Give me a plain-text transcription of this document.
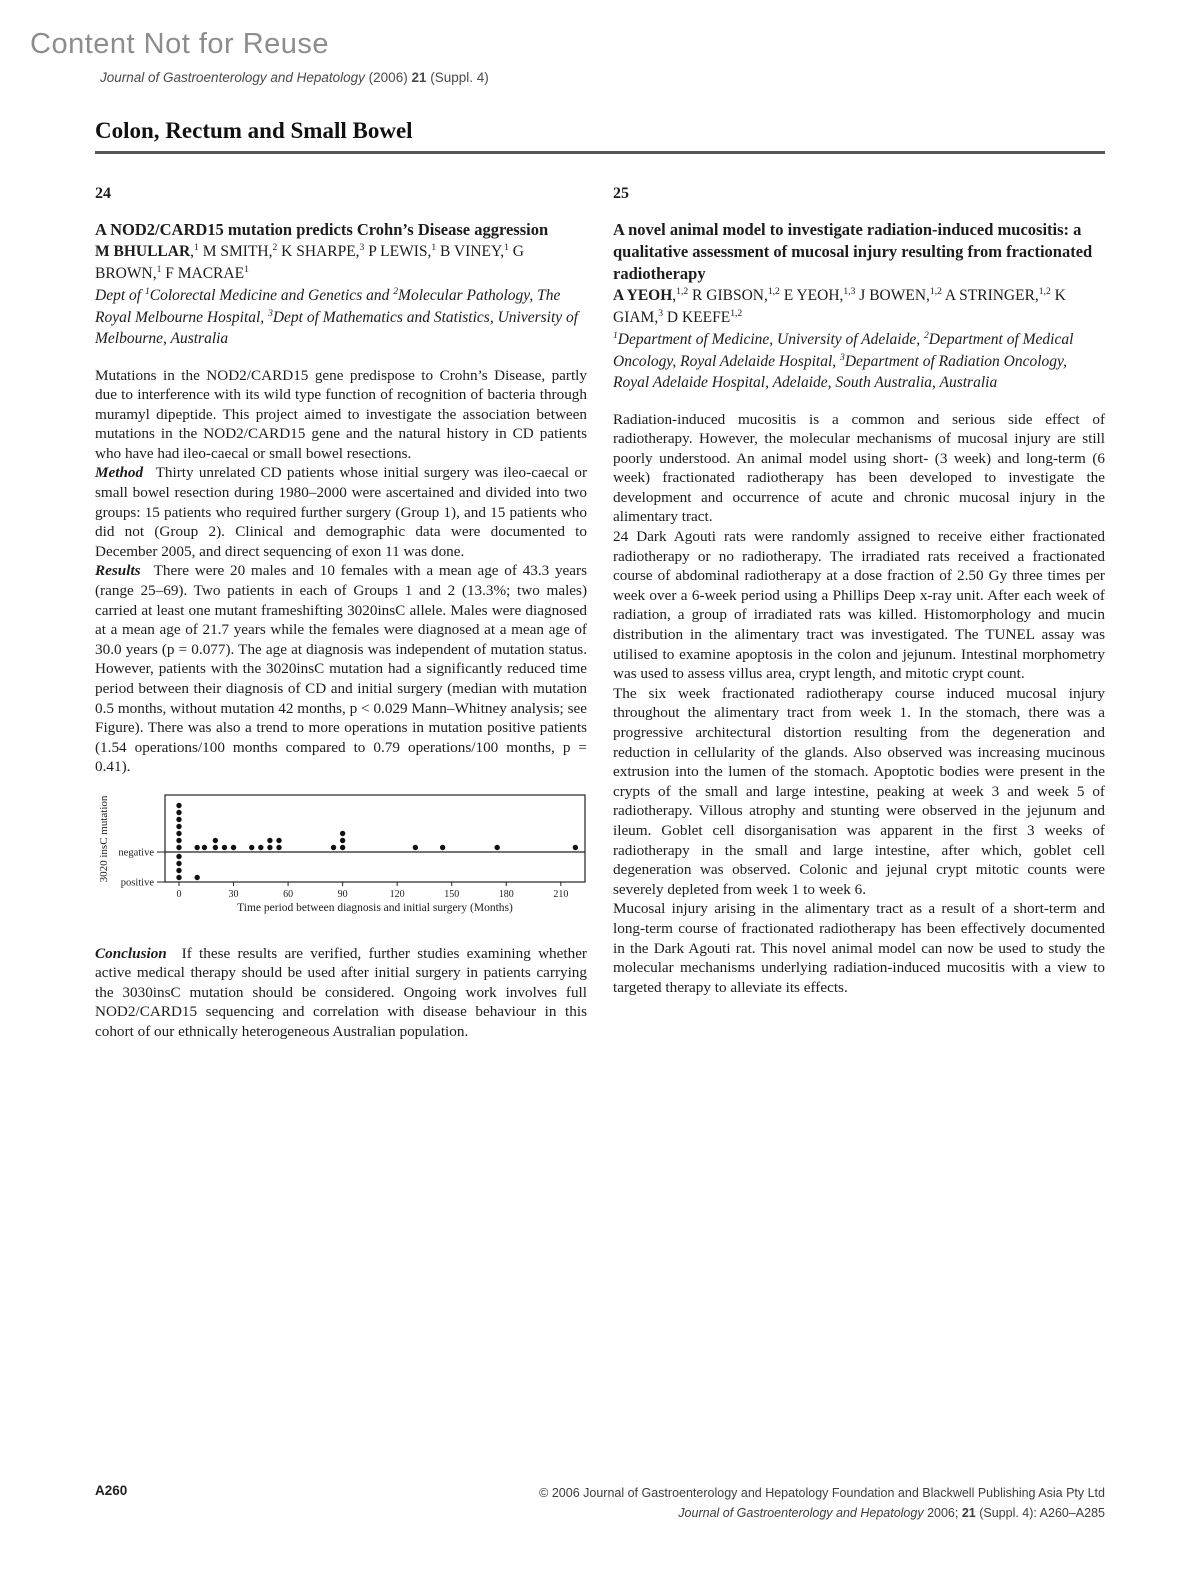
Content Not for Reuse
Journal of Gastroenterology and Hepatology (2006) 21 (Suppl. 4)
Colon, Rectum and Small Bowel
24
A NOD2/CARD15 mutation predicts Crohn’s Disease aggression
M BHULLAR,$^1$ M SMITH,$^2$ K SHARPE,$^3$ P LEWIS,$^1$ B VINEY,$^1$ G BROWN,$^1$ F MACRAE$^1$
Dept of $^1$Colorectal Medicine and Genetics and $^2$Molecular Pathology, The Royal Melbourne Hospital, $^3$Dept of Mathematics and Statistics, University of Melbourne, Australia

Mutations in the NOD2/CARD15 gene predispose to Crohn’s Disease, partly due to interference with its wild type function of recognition of bacteria through muramyl dipeptide. This project aimed to investigate the association between mutations in the NOD2/CARD15 gene and the natural history in CD patients who have had ileo-caecal or small bowel resections.

Method  Thirty unrelated CD patients whose initial surgery was ileo-caecal or small bowel resection during 1980–2000 were ascertained and divided into two groups: 15 patients who required further surgery (Group 1), and 15 patients who did not (Group 2). Clinical and demographic data were documented to December 2005, and direct sequencing of exon 11 was done.

Results  There were 20 males and 10 females with a mean age of 43.3 years (range 25–69). Two patients in each of Groups 1 and 2 (13.3%; two males) carried at least one mutant frameshifting 3020insC allele. Males were diagnosed at a mean age of 21.7 years while the females were diagnosed at a mean age of 30.0 years (p = 0.077). The age at diagnosis was independent of mutation status. However, patients with the 3020insC mutation had a significantly reduced time period between their diagnosis of CD and initial surgery (median with mutation 0.5 months, without mutation 42 months, p < 0.029 Mann–Whitney analysis; see Figure). There was also a trend to more operations in mutation positive patients (1.54 operations/100 months compared to 0.79 operations/100 months, p = 0.41).

0	30	60	90	120	150	180	210
negative
positive
Time period between diagnosis and initial surgery (Months)
3020 insC mutation

Conclusion  If these results are verified, further studies examining whether active medical therapy should be used after initial surgery in patients carrying the 3030insC mutation should be considered. Ongoing work involves full NOD2/CARD15 sequencing and correlation with disease behaviour in this cohort of our ethnically heterogeneous Australian population.

25
A novel animal model to investigate radiation-induced mucositis: a qualitative assessment of mucosal injury resulting from fractionated radiotherapy
A YEOH,$^{1,2}$ R GIBSON,$^{1,2}$ E YEOH,$^{1,3}$ J BOWEN,$^{1,2}$ A STRINGER,$^{1,2}$ K GIAM,$^3$ D KEEFE$^{1,2}$
$^1$Department of Medicine, University of Adelaide, $^2$Department of Medical Oncology, Royal Adelaide Hospital, $^3$Department of Radiation Oncology, Royal Adelaide Hospital, Adelaide, South Australia, Australia

Radiation-induced mucositis is a common and serious side effect of radiotherapy. However, the molecular mechanisms of mucosal injury are still poorly understood. An animal model using short- (3 week) and long-term (6 week) fractionated radiotherapy has been developed to investigate the development and occurrence of acute and chronic mucosal injury in the alimentary tract.

24 Dark Agouti rats were randomly assigned to receive either fractionated radiotherapy or no radiotherapy. The irradiated rats received a fractionated course of abdominal radiotherapy at a dose fraction of 2.50 Gy three times per week over a 6-week period using a Phillips Deep x-ray unit. After each week of radiation, a group of irradiated rats was killed. Histomorphology and mucin distribution in the alimentary tract was investigated. The TUNEL assay was utilised to examine apoptosis in the colon and jejunum. Intestinal morphometry was used to assess villus area, crypt length, and mitotic crypt count.

The six week fractionated radiotherapy course induced mucosal injury throughout the alimentary tract from week 1. In the stomach, there was a progressive architectural distortion resulting from the degeneration and reduction in cellularity of the glands. Also observed was increasing mucinous extrusion into the lumen of the stomach. Apoptotic bodies were present in the crypts of the small and large intestine, peaking at week 3 and week 5 of radiotherapy. Villous atrophy and stunting were observed in the jejunum and ileum. Goblet cell disorganisation was apparent in the first 3 weeks of radiotherapy in the small and large intestine, after which, goblet cell degeneration was observed. Colonic and jejunal crypt mitotic counts were severely depleted from week 1 to week 6.

Mucosal injury arising in the alimentary tract as a result of a short-term and long-term course of fractionated radiotherapy has been effectively documented in the Dark Agouti rat. This novel animal model can now be used to study the molecular mechanisms underlying radiation-induced mucositis with a view to targeted therapy to alleviate its effects.

A260	© 2006 Journal of Gastroenterology and Hepatology Foundation and Blackwell Publishing Asia Pty Ltd
Journal of Gastroenterology and Hepatology 2006; 21 (Suppl. 4): A260–A285
